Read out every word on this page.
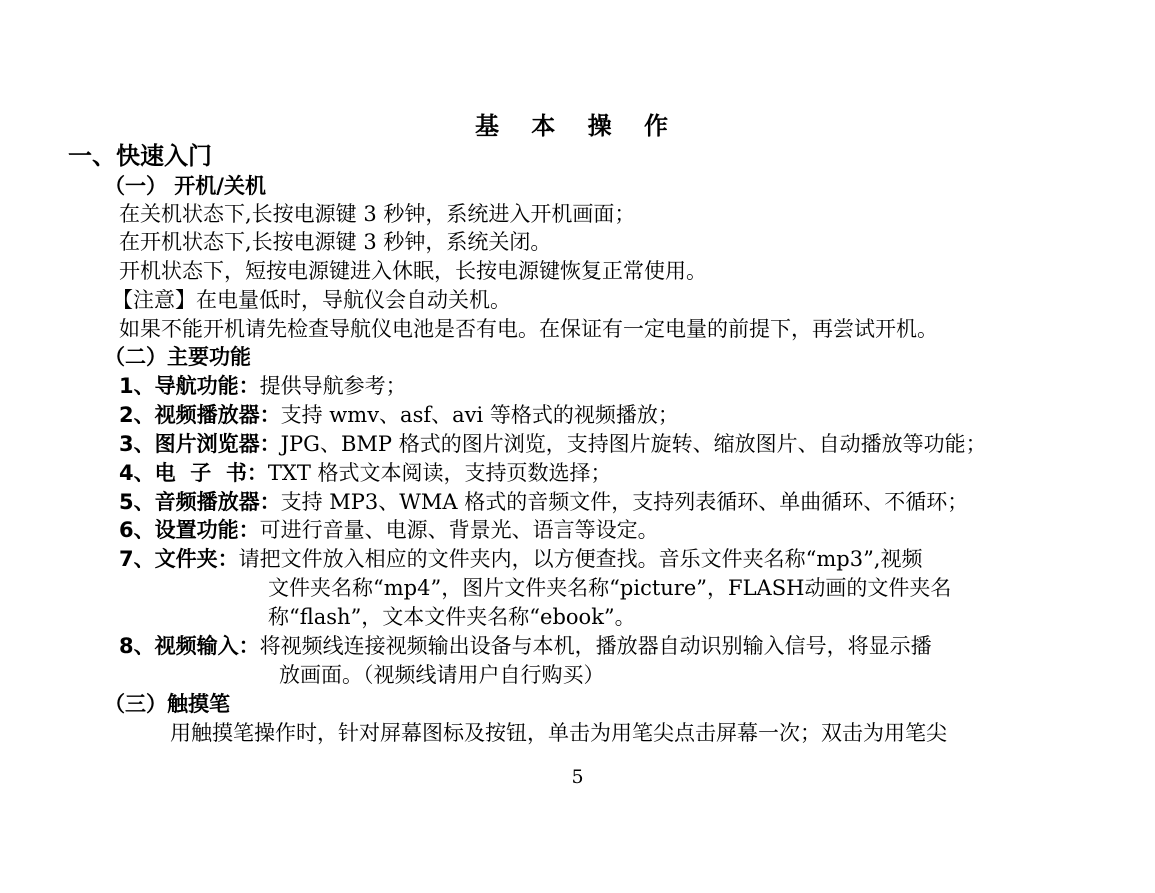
基 本 操 作
一、快速入门
（一） 开机/关机
在关机状态下,长按电源键 3 秒钟，系统进入开机画面；
在开机状态下,长按电源键 3 秒钟，系统关闭。
开机状态下，短按电源键进入休眠，长按电源键恢复正常使用。
【注意】在电量低时，导航仪会自动关机。
如果不能开机请先检查导航仪电池是否有电。在保证有一定电量的前提下，再尝试开机。
（二）主要功能
1、导航功能：提供导航参考；
2、视频播放器：支持 wmv、asf、avi 等格式的视频播放；
3、图片浏览器：JPG、BMP 格式的图片浏览，支持图片旋转、缩放图片、自动播放等功能；
4、电  子  书：TXT 格式文本阅读，支持页数选择；
5、音频播放器：支持 MP3、WMA 格式的音频文件，支持列表循环、单曲循环、不循环；
6、设置功能：可进行音量、电源、背景光、语言等设定。
7、文件夹：请把文件放入相应的文件夹内，以方便查找。音乐文件夹名称“mp3”,视频
文件夹名称“mp4”，图片文件夹名称“picture”，FLASH动画的文件夹名
称“flash”，文本文件夹名称“ebook”。
8、视频输入：将视频线连接视频输出设备与本机，播放器自动识别输入信号，将显示播
放画面。（视频线请用户自行购买）
（三）触摸笔
用触摸笔操作时，针对屏幕图标及按钮，单击为用笔尖点击屏幕一次；双击为用笔尖
5
